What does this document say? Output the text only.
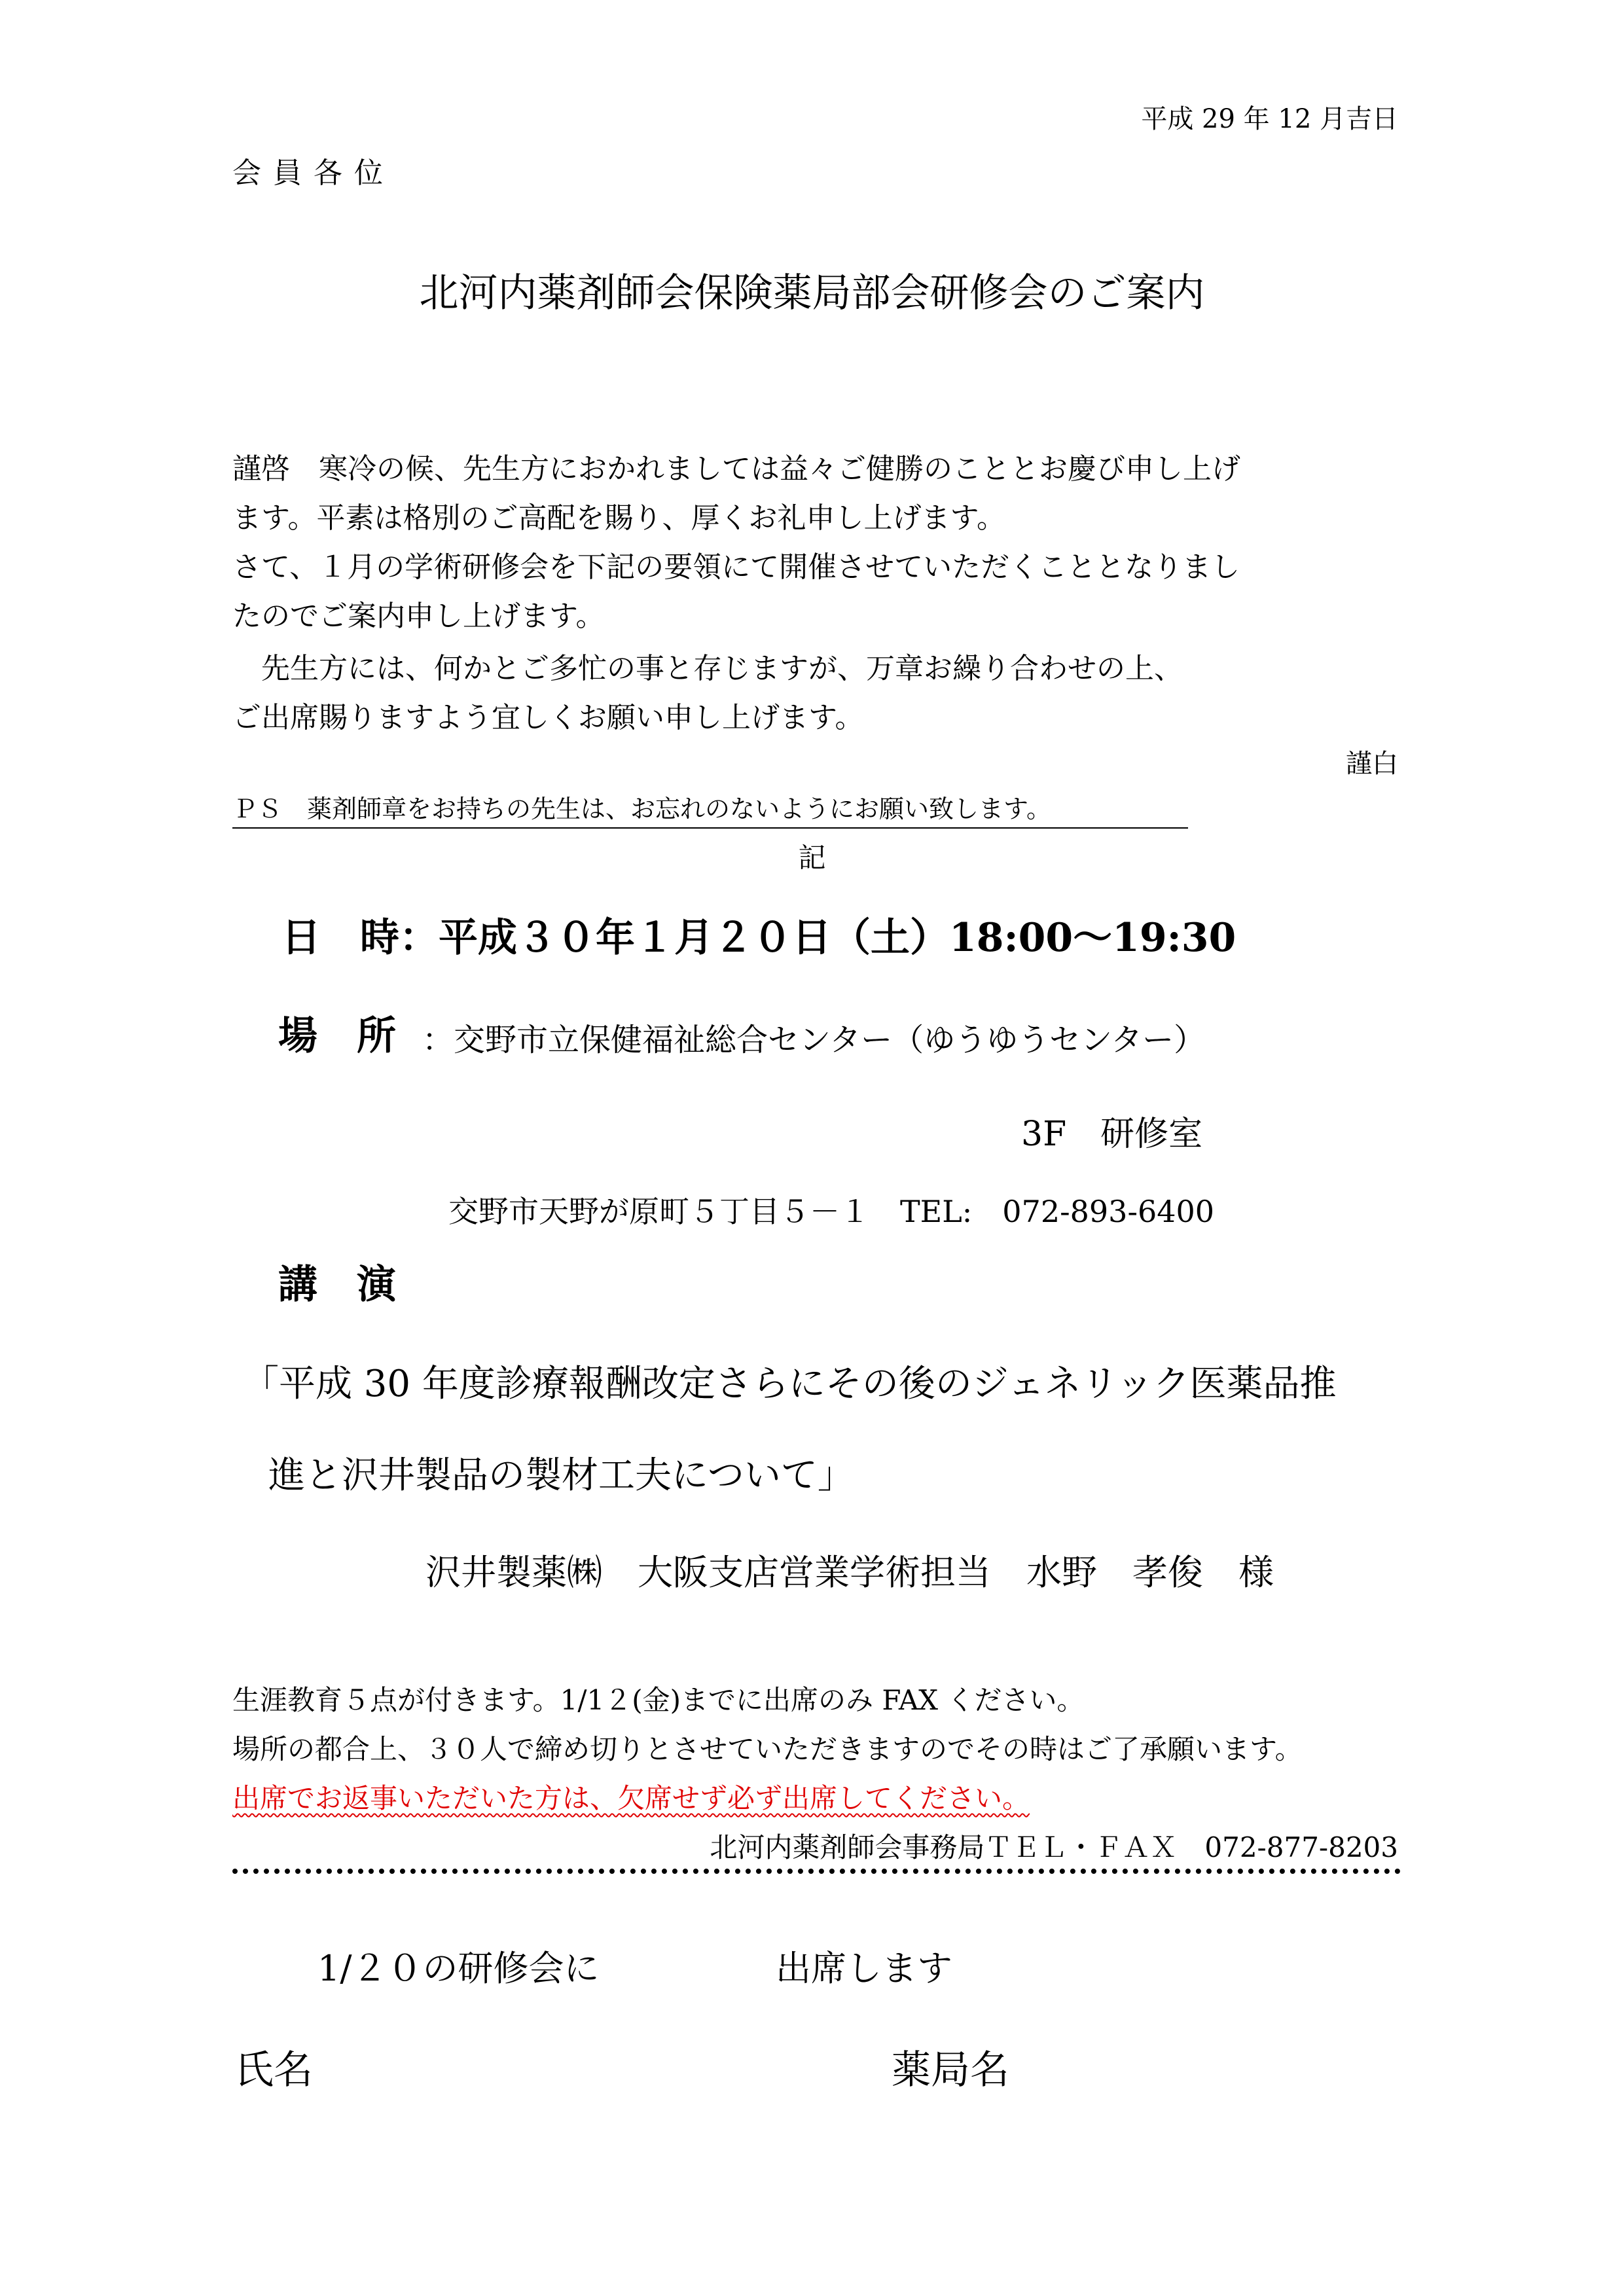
平成 29 年 12 月吉日
会員各位
北河内薬剤師会保険薬局部会研修会のご案内

謹啓　寒冷の候、先生方におかれましては益々ご健勝のこととお慶び申し上げ

ます。平素は格別のご高配を賜り、厚くお礼申し上げます。

さて、１月の学術研修会を下記の要領にて開催させていただくこととなりまし

たのでご案内申し上げます。

　先生方には、何かとご多忙の事と存じますが、万章お繰り合わせの上、

ご出席賜りますよう宜しくお願い申し上げます。

謹白
ＰＳ　薬剤師章をお持ちの先生は、お忘れのないようにお願い致します。
記
日　時：平成３０年１月２０日（土）18:00～19:30
場　所 ：交野市立保健福祉総合センター（ゆうゆうセンター）
3F　研修室
交野市天野が原町５丁目５－１　TEL:　072-893-6400
講　演
「平成 30 年度診療報酬改定さらにその後のジェネリック医薬品推
進と沢井製品の製材工夫について」
沢井製薬㈱　大阪支店営業学術担当　水野　孝俊　様
生涯教育５点が付きます。1/1２(金)までに出席のみ FAX ください。
場所の都合上、３０人で締め切りとさせていただきますのでその時はご了承願います。
出席でお返事いただいた方は、欠席せず必ず出席してください。
北河内薬剤師会事務局ＴＥＬ・ＦＡＸ　072-877-8203
1/２０の研修会に	出席します
氏名	薬局名
